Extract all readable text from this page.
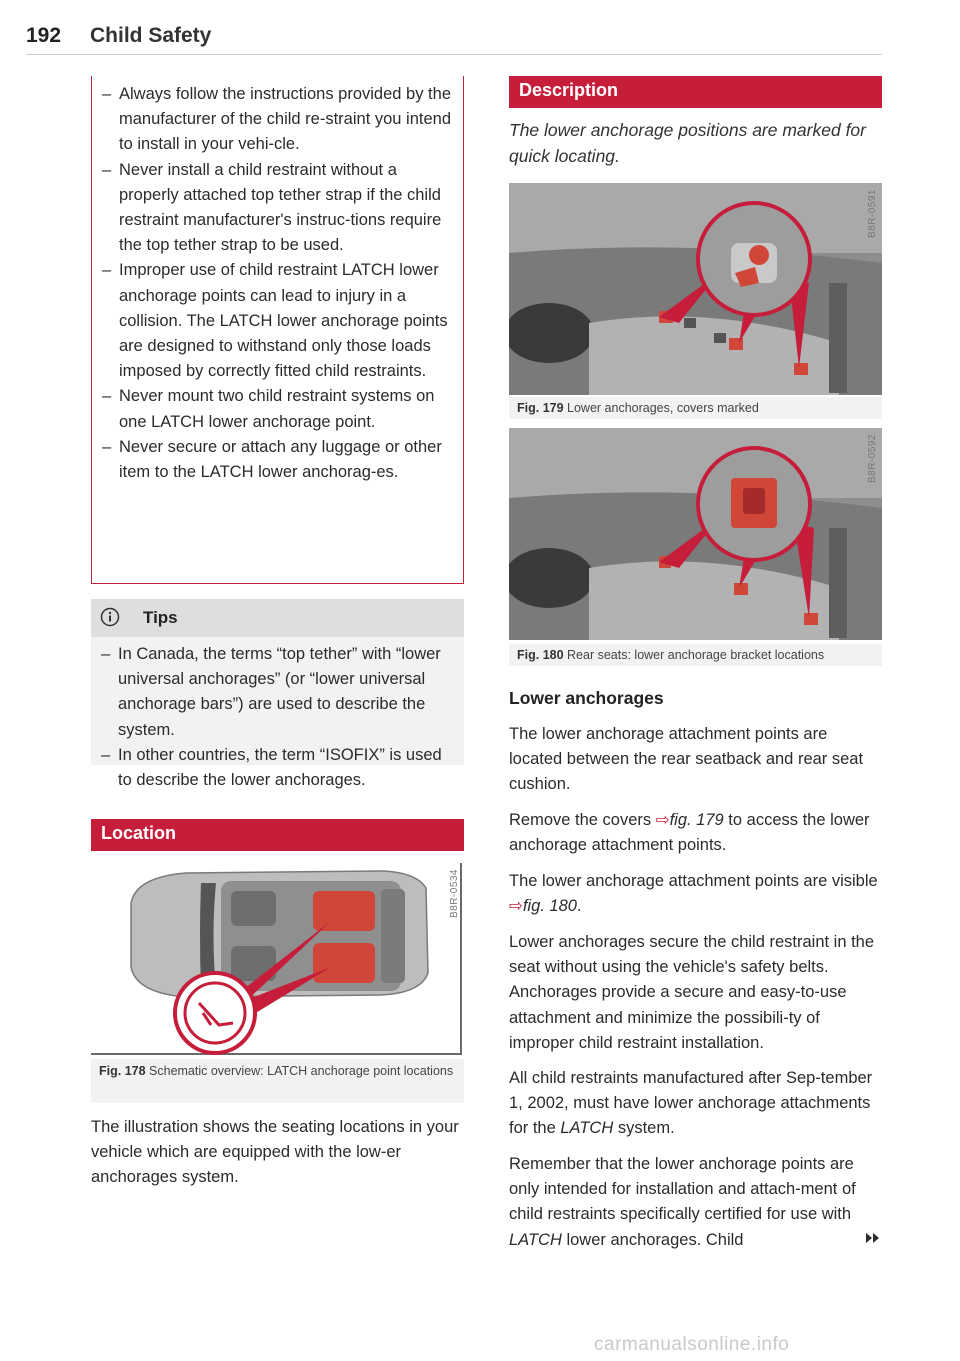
192 Child Safety
– Always follow the instructions provided by the manufacturer of the child re-straint you intend to install in your vehi-cle.
– Never install a child restraint without a properly attached top tether strap if the child restraint manufacturer's instruc-tions require the top tether strap to be used.
– Improper use of child restraint LATCH lower anchorage points can lead to injury in a collision. The LATCH lower anchorage points are designed to withstand only those loads imposed by correctly fitted child restraints.
– Never mount two child restraint systems on one LATCH lower anchorage point.
– Never secure or attach any luggage or other item to the LATCH lower anchorag-es.
Tips
– In Canada, the terms “top tether” with “lower universal anchorages” (or “lower universal anchorage bars”) are used to describe the system.
– In other countries, the term “ISOFIX” is used to describe the lower anchorages.
Location
B8R-0534
Fig. 178 Schematic overview: LATCH anchorage point locations
The illustration shows the seating locations in your vehicle which are equipped with the low-er anchorages system.
Description
The lower anchorage positions are marked for quick locating.
B8R-0591
Fig. 179 Lower anchorages, covers marked
B8R-0592
Fig. 180 Rear seats: lower anchorage bracket locations
Lower anchorages
The lower anchorage attachment points are located between the rear seatback and rear seat cushion.
Remove the covers ⇨fig. 179 to access the lower anchorage attachment points.
The lower anchorage attachment points are visible ⇨fig. 180.
Lower anchorages secure the child restraint in the seat without using the vehicle's safety belts. Anchorages provide a secure and easy-to-use attachment and minimize the possibili-ty of improper child restraint installation.
All child restraints manufactured after Sep-tember 1, 2002, must have lower anchorage attachments for the LATCH system.
Remember that the lower anchorage points are only intended for installation and attach-ment of child restraints specifically certified for use with LATCH lower anchorages. Child
carmanualsonline.info
